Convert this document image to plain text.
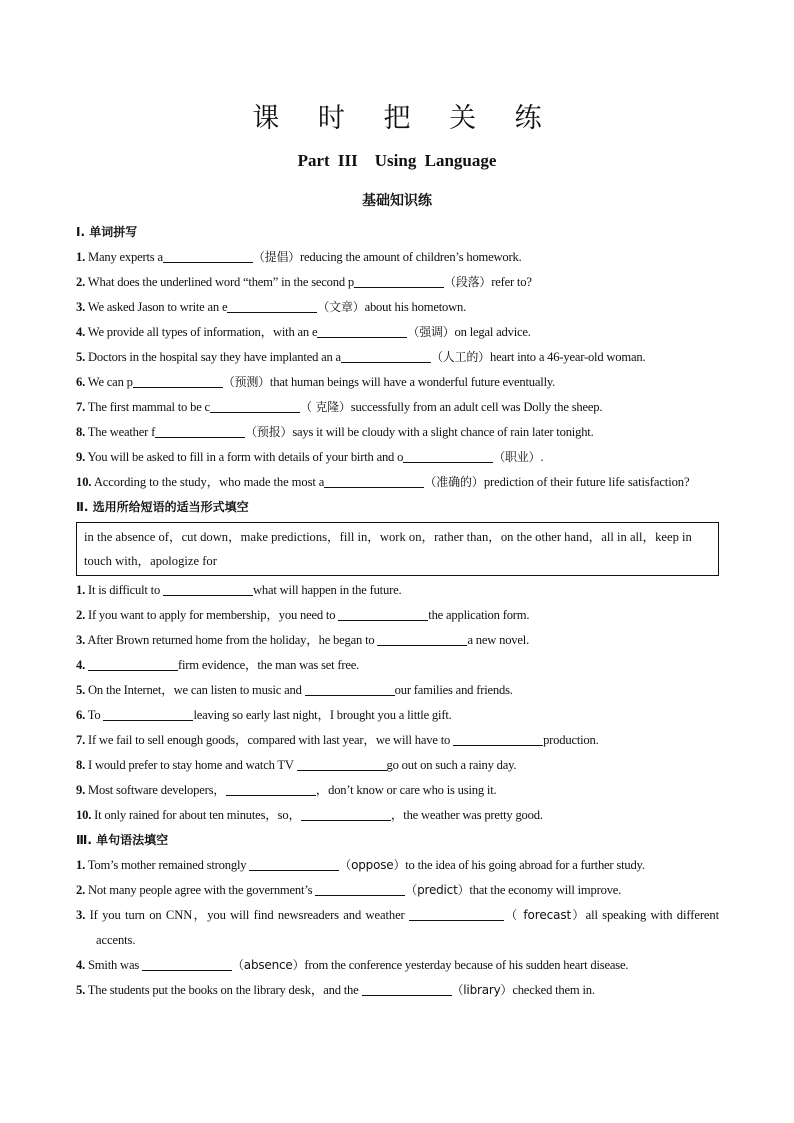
课 时 把 关 练
Part III　Using Language
基础知识练
Ⅰ. 单词拼写
1. Many experts a	（提倡）reducing the amount of children’s homework.
2. What does the underlined word “them” in the second p	（段落）refer to?
3. We asked Jason to write an e	（文章）about his hometown.
4. We provide all types of information，with an e	（强调）on legal advice.
5. Doctors in the hospital say they have implanted an a	（人工的）heart into a 46-year-old woman.
6. We can p	（预测）that human beings will have a wonderful future eventually.
7. The first mammal to be c	（ 克隆）successfully from an adult cell was Dolly the sheep.
8. The weather f	（预报）says it will be cloudy with a slight chance of rain later tonight.
9. You will be asked to fill in a form with details of your birth and o	（职业）.
10. According to the study，who made the most a	（准确的）prediction of their future life satisfaction?
Ⅱ. 选用所给短语的适当形式填空
in the absence of，cut down，make predictions，fill in，work on，rather than，on the other hand，all in all，keep in touch with，apologize for
1. It is difficult to	what will happen in the future.
2. If you want to apply for membership，you need to	the application form.
3. After Brown returned home from the holiday，he began to	a new novel.
4.	firm evidence，the man was set free.
5. On the Internet，we can listen to music and	our families and friends.
6. To	leaving so early last night，I brought you a little gift.
7. If we fail to sell enough goods，compared with last year，we will have to	production.
8. I would prefer to stay home and watch TV	go out on such a rainy day.
9. Most software developers，	，don’t know or care who is using it.
10. It only rained for about ten minutes，so，	，the weather was pretty good.
Ⅲ. 单句语法填空
1. Tom’s mother remained strongly	（oppose）to the idea of his going abroad for a further study.
2. Not many people agree with the government’s	（predict）that the economy will improve.
3. If you turn on CNN，you will find newsreaders and weather	（ forecast）all speaking with different accents.
4. Smith was	（absence）from the conference yesterday because of his sudden heart disease.
5. The students put the books on the library desk，and the	（library）checked them in.
